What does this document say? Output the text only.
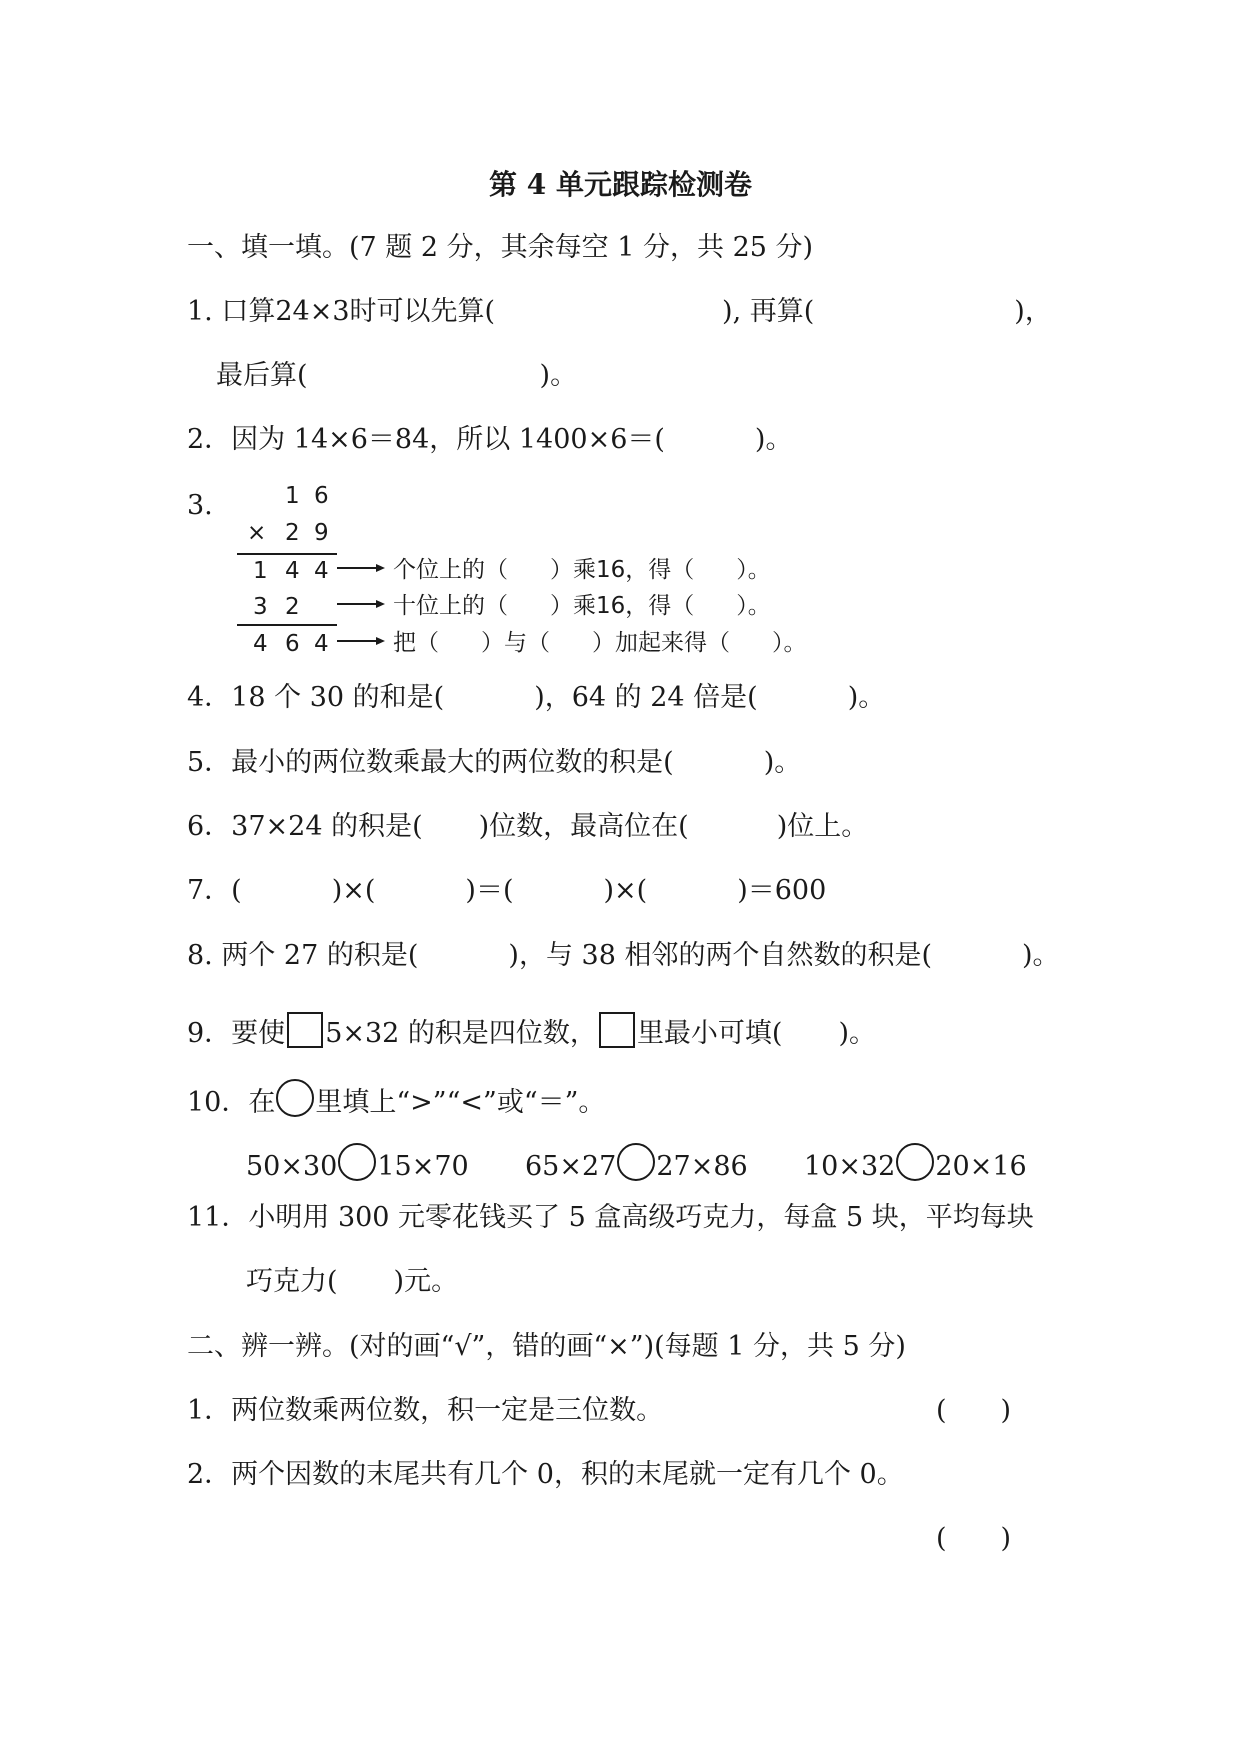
第 4 单元跟踪检测卷
一、填一填。(7 题 2 分，其余每空 1 分，共 25 分)
1. 口算24×3时可以先算(	), 再算(	)，
最后算(	)。
2．因为 14×6＝84，所以 1400×6＝(	)。
3.	1 6
× 2 9
1 4 4
3 2
4 6 4
个位上的（ ）乘16，得（ ）。
十位上的（ ）乘16，得（ ）。
把（ ）与（ ）加起来得（ ）。
4．18 个 30 的和是(	)，64 的 24 倍是(	)。
5．最小的两位数乘最大的两位数的积是(	)。
6．37×24 的积是( )位数，最高位在(	)位上。
7．(	)×(	)＝(	)×(	)＝600
8. 两个 27 的积是(	)，与 38 相邻的两个自然数的积是(	)。
9．要使 5×32 的积是四位数， 里最小可填( )。
10．在 里填上“>”“<”或“＝”。
50×30 15×70 65×27 27×86 10×32 20×16
11．小明用 300 元零花钱买了 5 盒高级巧克力，每盒 5 块，平均每块
巧克力( )元。
二、辨一辨。(对的画“√”，错的画“×”)(每题 1 分，共 5 分)
1．两位数乘两位数，积一定是三位数。	(　　)
2．两个因数的末尾共有几个 0，积的末尾就一定有几个 0。
(　　)
